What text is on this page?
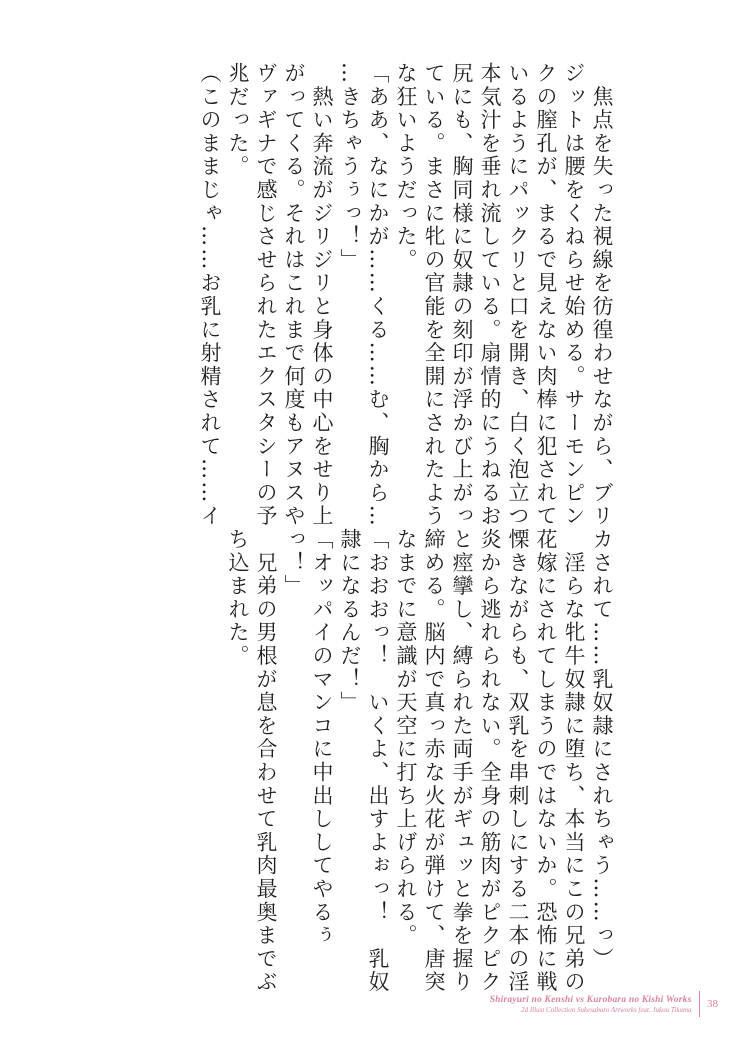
　焦点を失った視線を彷徨わせながら、ブリ
ジットは腰をくねらせ始める。サーモンピン
クの膣孔が、まるで見えない肉棒に犯されて
いるようにパックリと口を開き、白く泡立つ
本気汁を垂れ流している。扇情的にうねるお
尻にも、胸同様に奴隷の刻印が浮かび上がっ
ている。まさに牝の官能を全開にされたよう
な狂いようだった。
「ああ、なにかが……くる……む、胸から…
…きちゃうぅっ！」
　熱い奔流がジリジリと身体の中心をせり上
がってくる。それはこれまで何度もアヌスや
ヴァギナで感じさせられたエクスタシーの予
兆だった。
（このままじゃ……お乳に射精されて……イ
カされて……乳奴隷にされちゃう……っ）
　淫らな牝牛奴隷に堕ち、本当にこの兄弟の
花嫁にされてしまうのではないか。恐怖に戦
慄きながらも、双乳を串刺しにする二本の淫
炎から逃れられない。全身の筋肉がピクピク
と痙攣し、縛られた両手がギュッと拳を握り
締める。脳内で真っ赤な火花が弾けて、唐突
なまでに意識が天空に打ち上げられる。
「おおおっ！　いくよ、出すよぉっ！　乳奴
隷になるんだ！」
「オッパイのマンコに中出ししてやるぅ
っ！」
　兄弟の男根が息を合わせて乳肉最奥までぶ
ち込まれた。
Shirayuri no Kenshi vs Kurobara no Kishi Works
2d Illust Collection Sukesaburo Artworks feat. Jukou Tikuma 38
